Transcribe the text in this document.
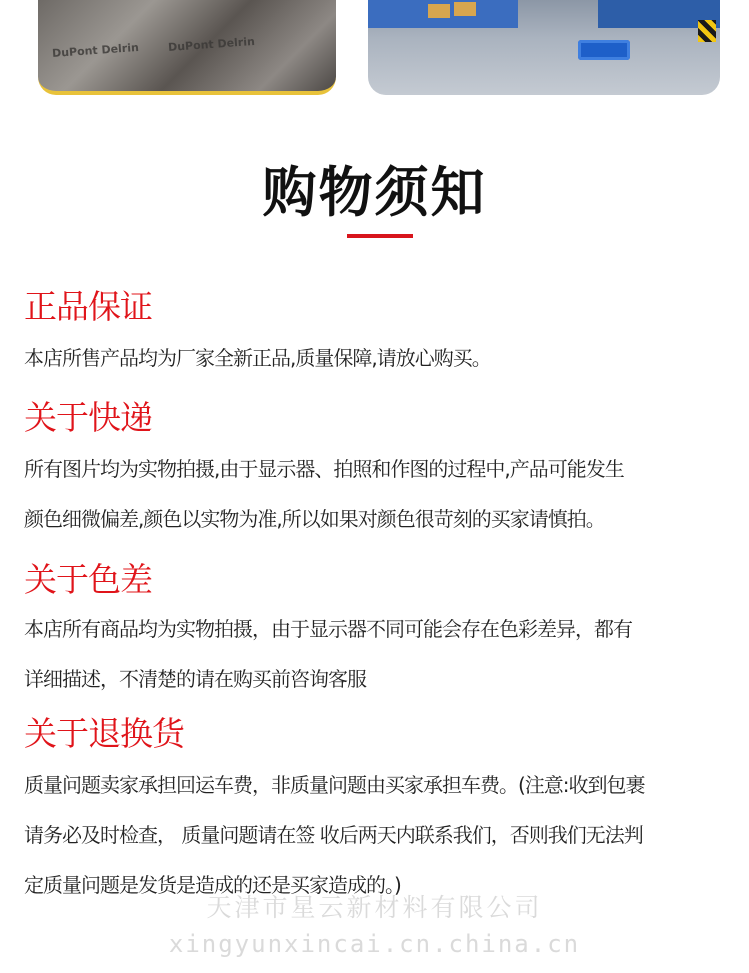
DuPont Delrin	DuPont Delrin
购物须知
正品保证
本店所售产品均为厂家全新正品,质量保障,请放心购买。
关于快递
所有图片均为实物拍摄,由于显示器、拍照和作图的过程中,产品可能发生
颜色细微偏差,颜色以实物为准,所以如果对颜色很苛刻的买家请慎拍。
关于色差
本店所有商品均为实物拍摄，由于显示器不同可能会存在色彩差异，都有
详细描述，不清楚的请在购买前咨询客服
关于退换货
质量问题卖家承担回运车费，非质量问题由买家承担车费。(注意:收到包裹
请务必及时检查， 质量问题请在签 收后两天内联系我们，否则我们无法判
定质量问题是发货是造成的还是买家造成的。)
天津市星云新材料有限公司
xingyunxincai.cn.china.cn
